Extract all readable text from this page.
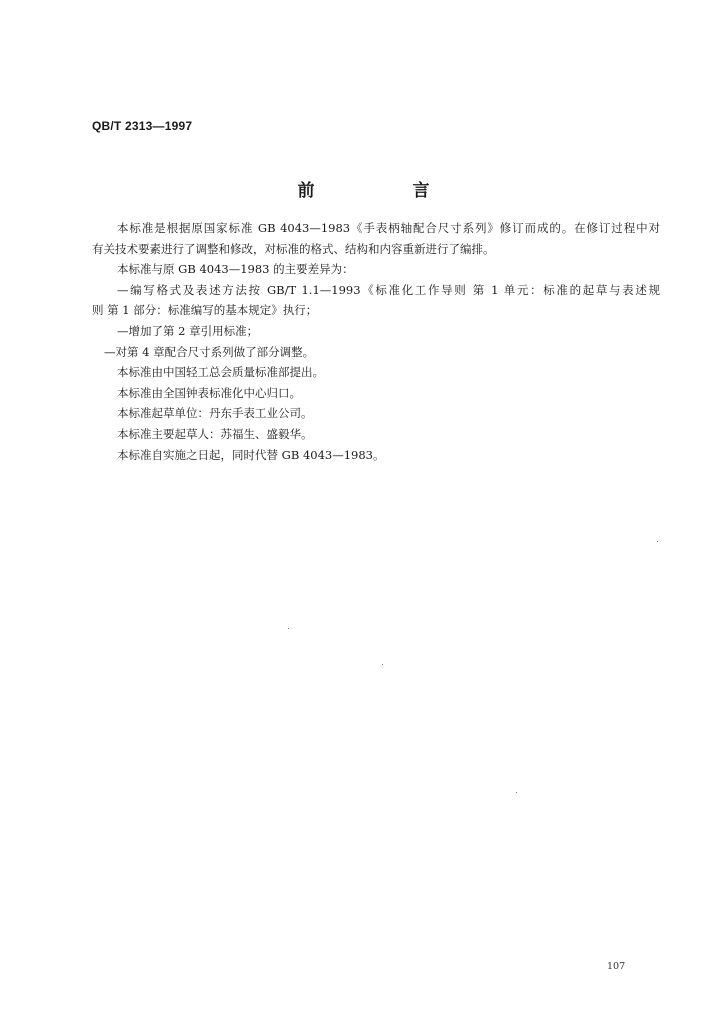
QB/T 2313—1997
前 言

本标准是根据原国家标准 GB 4043—1983《手表柄轴配合尺寸系列》修订而成的。在修订过程中对

有关技术要素进行了调整和修改，对标准的格式、结构和内容重新进行了编排。

本标准与原 GB 4043—1983 的主要差异为：

—编写格式及表述方法按 GB/T 1.1—1993《标准化工作导则 第 1 单元：标准的起草与表述规

则 第 1 部分：标准编写的基本规定》执行；

—增加了第 2 章引用标准；

—对第 4 章配合尺寸系列做了部分调整。

本标准由中国轻工总会质量标准部提出。

本标准由全国钟表标准化中心归口。

本标准起草单位：丹东手表工业公司。

本标准主要起草人：苏福生、盛毅华。

本标准自实施之日起，同时代替 GB 4043—1983。

107
